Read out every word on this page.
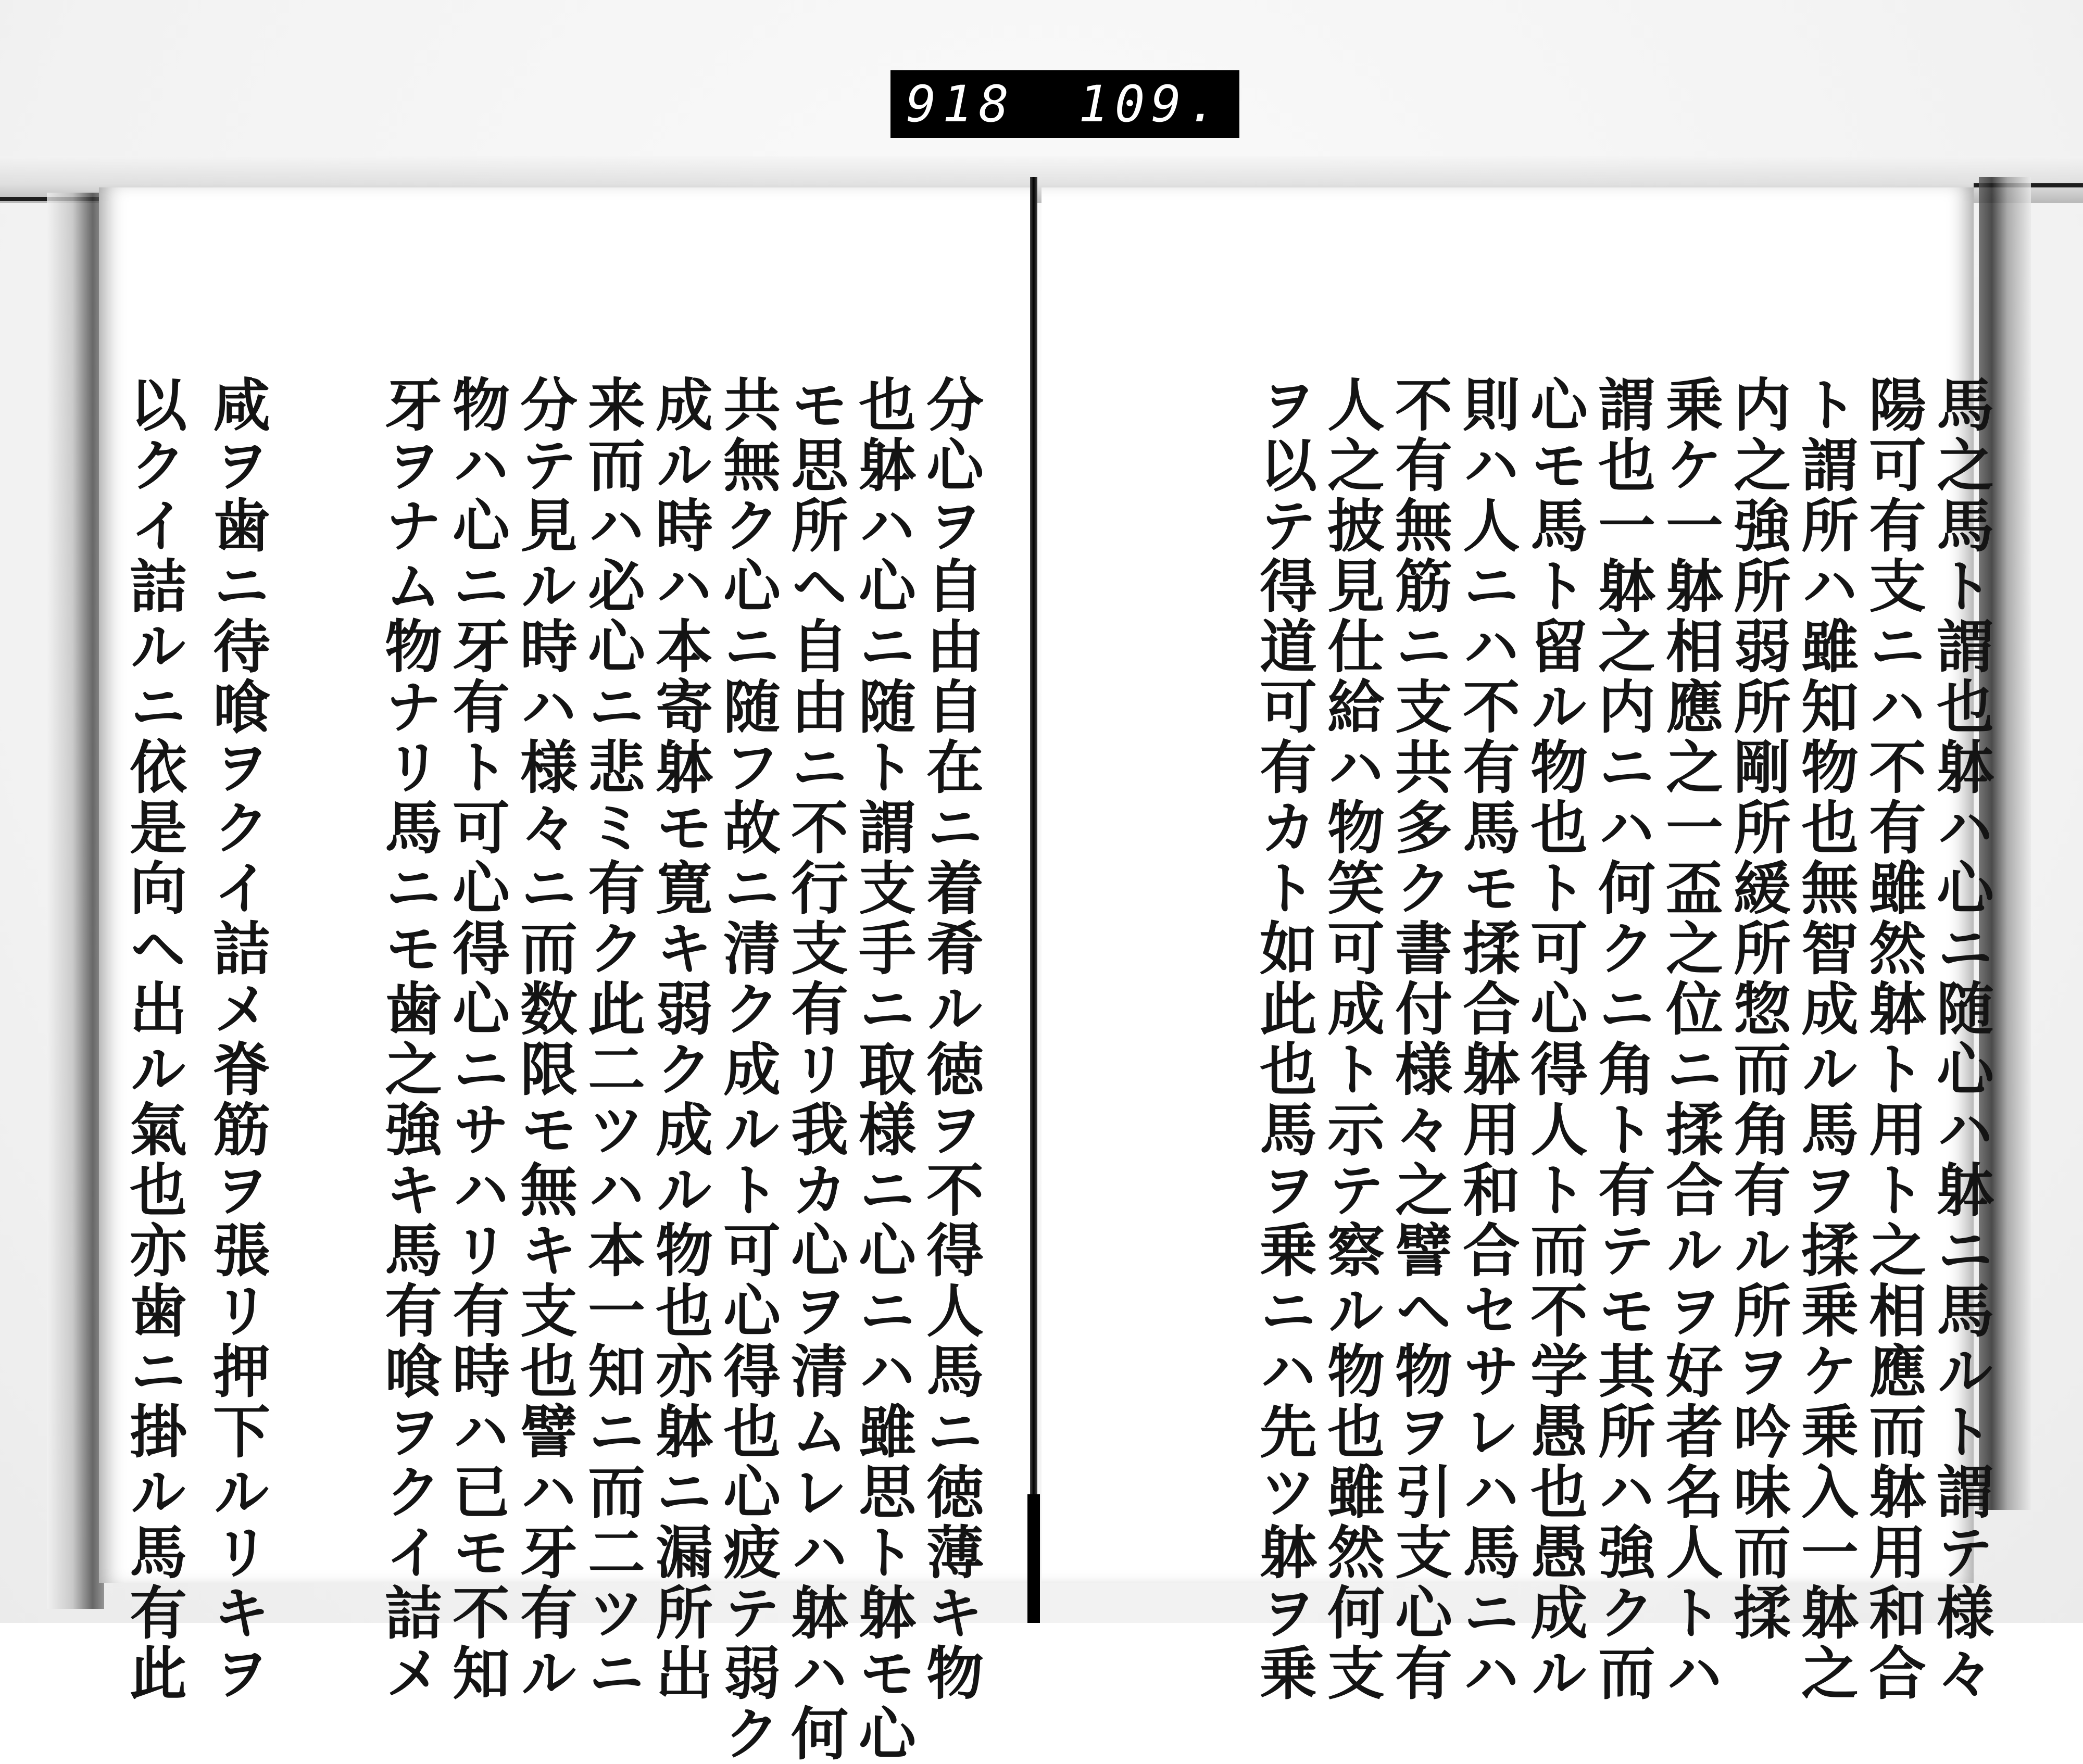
918 109.
馬之馬ト謂也躰ハ心ニ随心ハ躰ニ馬ルト謂テ様々
陽可有支ニハ不有雖然躰ト用ト之相應而躰用和合
ト謂所ハ雖知物也無智成ル馬ヲ揉乗ケ乗入一躰之
内之強所弱所剛所緩所惣而角有ル所ヲ吟味而揉
乗ケ一躰相應之一盃之位ニ揉合ルヲ好者名人トハ
謂也一躰之内ニハ何クニ角ト有テモ其所ハ強ク而
心モ馬ト留ル物也ト可心得人ト而不学愚也愚成ル
則ハ人ニハ不有馬モ揉合躰用和合セサレハ馬ニハ
不有無筋ニ支共多ク書付様々之譬ヘ物ヲ引支心有
人之披見仕給ハ物笑可成ト示テ察ル物也雖然何支
ヲ以テ得道可有カト如此也馬ヲ乗ニハ先ツ躰ヲ乗
分心ヲ自由自在ニ着肴ル徳ヲ不得人馬ニ徳薄キ物
也躰ハ心ニ随ト謂支手ニ取様ニ心ニハ雖思ト躰モ心
モ思所ヘ自由ニ不行支有リ我カ心ヲ清ムレハ躰ハ何
共無ク心ニ随フ故ニ清ク成ルト可心得也心疲テ弱ク
成ル時ハ本寄躰モ寛キ弱ク成ル物也亦躰ニ漏所出
来而ハ必心ニ悲ミ有ク此二ツハ本一知ニ而二ツニ
分テ見ル時ハ様々ニ而数限モ無キ支也譬ハ牙有ル
物ハ心ニ牙有ト可心得心ニサハリ有時ハ已モ不知
牙ヲナム物ナリ馬ニモ歯之強キ馬有喰ヲクイ詰メ
咸ヲ歯ニ待喰ヲクイ詰メ脊筋ヲ張リ押下ルリキヲ
以クイ詰ルニ依是向ヘ出ル氣也亦歯ニ掛ル馬有此
